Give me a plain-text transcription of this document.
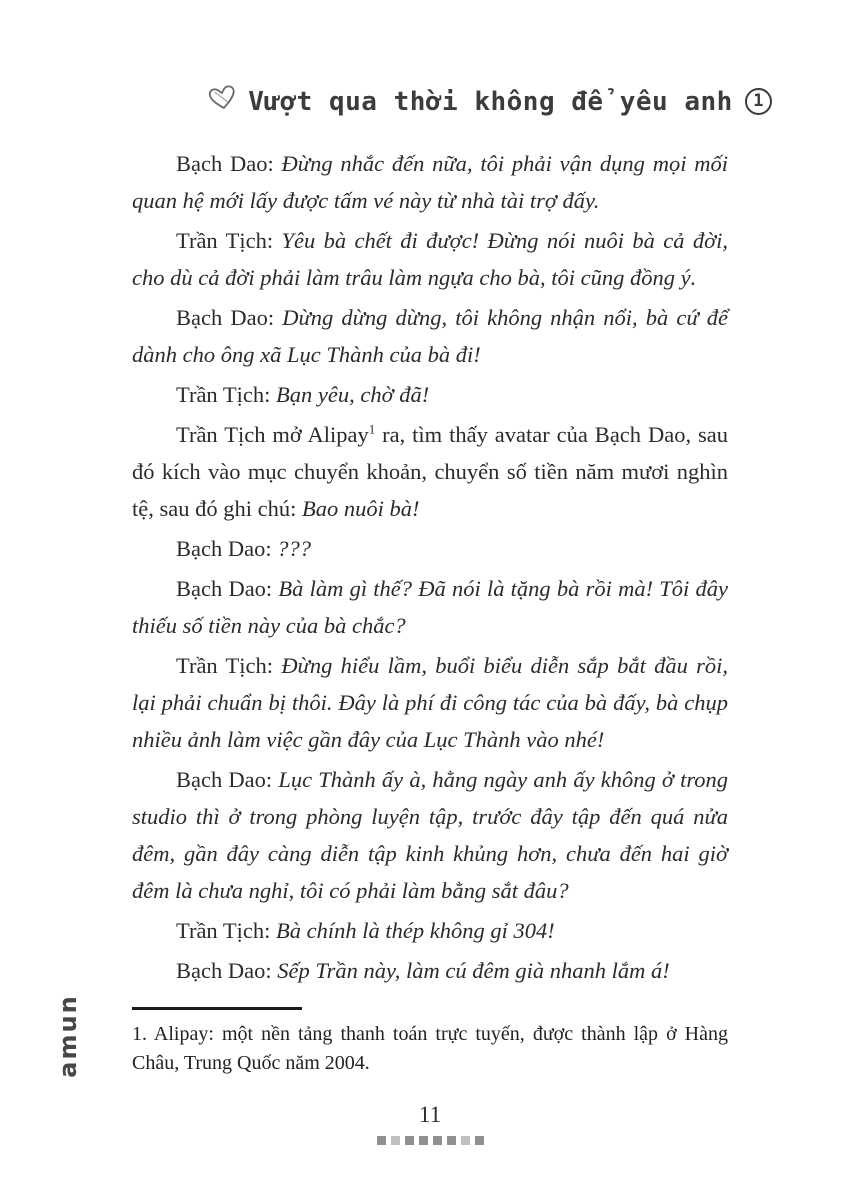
Vượt qua thời không để yêu anh	1

Bạch Dao: Đừng nhắc đến nữa, tôi phải vận dụng mọi mối quan hệ mới lấy được tấm vé này từ nhà tài trợ đấy.

Trần Tịch: Yêu bà chết đi được! Đừng nói nuôi bà cả đời, cho dù cả đời phải làm trâu làm ngựa cho bà, tôi cũng đồng ý.

Bạch Dao: Dừng dừng dừng, tôi không nhận nổi, bà cứ để dành cho ông xã Lục Thành của bà đi!

Trần Tịch: Bạn yêu, chờ đã!

Trần Tịch mở Alipay$^1$ ra, tìm thấy avatar của Bạch Dao, sau đó kích vào mục chuyển khoản, chuyển số tiền năm mươi nghìn tệ, sau đó ghi chú: Bao nuôi bà!

Bạch Dao: ???

Bạch Dao: Bà làm gì thế? Đã nói là tặng bà rồi mà! Tôi đây thiếu số tiền này của bà chắc?

Trần Tịch: Đừng hiểu lầm, buổi biểu diễn sắp bắt đầu rồi, lại phải chuẩn bị thôi. Đây là phí đi công tác của bà đấy, bà chụp nhiều ảnh làm việc gần đây của Lục Thành vào nhé!

Bạch Dao: Lục Thành ấy à, hằng ngày anh ấy không ở trong studio thì ở trong phòng luyện tập, trước đây tập đến quá nửa đêm, gần đây càng diễn tập kinh khủng hơn, chưa đến hai giờ đêm là chưa nghỉ, tôi có phải làm bằng sắt đâu?

Trần Tịch: Bà chính là thép không gỉ 304!

Bạch Dao: Sếp Trần này, làm cú đêm già nhanh lắm á!

1. Alipay: một nền tảng thanh toán trực tuyến, được thành lập ở Hàng Châu, Trung Quốc năm 2004.
11
amun
